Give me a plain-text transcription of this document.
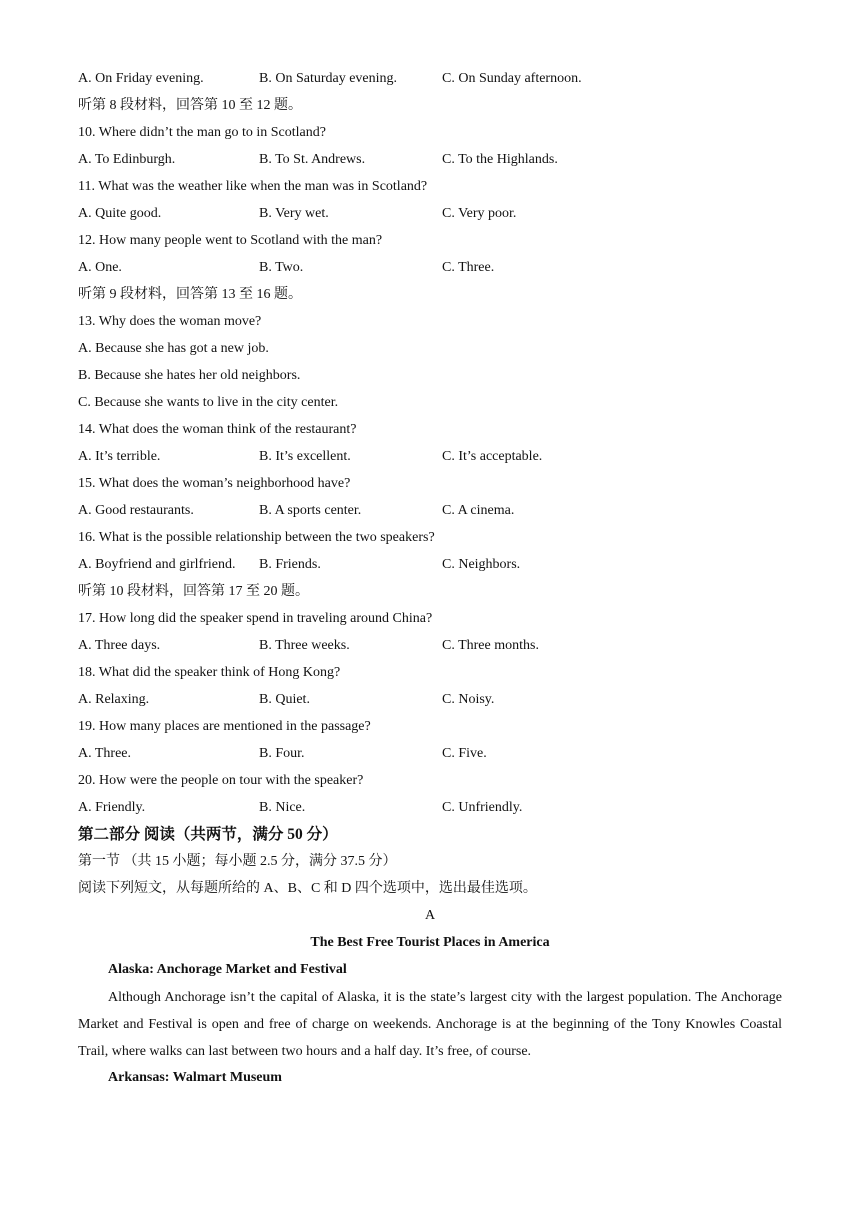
A. On Friday evening.	B. On Saturday evening.	C. On Sunday afternoon.
听第 8 段材料，回答第 10 至 12 题。
10. Where didn’t the man go to in Scotland?
A. To Edinburgh.	B. To St. Andrews.	C. To the Highlands.
11. What was the weather like when the man was in Scotland?
A. Quite good.	B. Very wet.	C. Very poor.
12. How many people went to Scotland with the man?
A. One.	B. Two.	C. Three.
听第 9 段材料，回答第 13 至 16 题。
13. Why does the woman move?
A. Because she has got a new job.
B. Because she hates her old neighbors.
C. Because she wants to live in the city center.
14. What does the woman think of the restaurant?
A. It’s terrible.	B. It’s excellent.	C. It’s acceptable.
15. What does the woman’s neighborhood have?
A. Good restaurants.	B. A sports center.	C. A cinema.
16. What is the possible relationship between the two speakers?
A. Boyfriend and girlfriend. B. Friends.	C. Neighbors.
听第 10 段材料，回答第 17 至 20 题。
17. How long did the speaker spend in traveling around China?
A. Three days.	B. Three weeks.	C. Three months.
18. What did the speaker think of Hong Kong?
A. Relaxing.	B. Quiet.	C. Noisy.
19. How many places are mentioned in the passage?
A. Three.	B. Four.	C. Five.
20. How were the people on tour with the speaker?
A. Friendly.	B. Nice.	C. Unfriendly.
第二部分 阅读（共两节，满分 50 分）
第一节 （共 15 小题；每小题 2.5 分，满分 37.5 分）
阅读下列短文，从每题所给的 A、B、C 和 D 四个选项中，选出最佳选项。
A
The Best Free Tourist Places in America
Alaska: Anchorage Market and Festival
Although Anchorage isn’t the capital of Alaska, it is the state’s largest city with the largest population. The Anchorage Market and Festival is open and free of charge on weekends. Anchorage is at the beginning of the Tony Knowles Coastal Trail, where walks can last between two hours and a half day. It’s free, of course.
Arkansas: Walmart Museum
